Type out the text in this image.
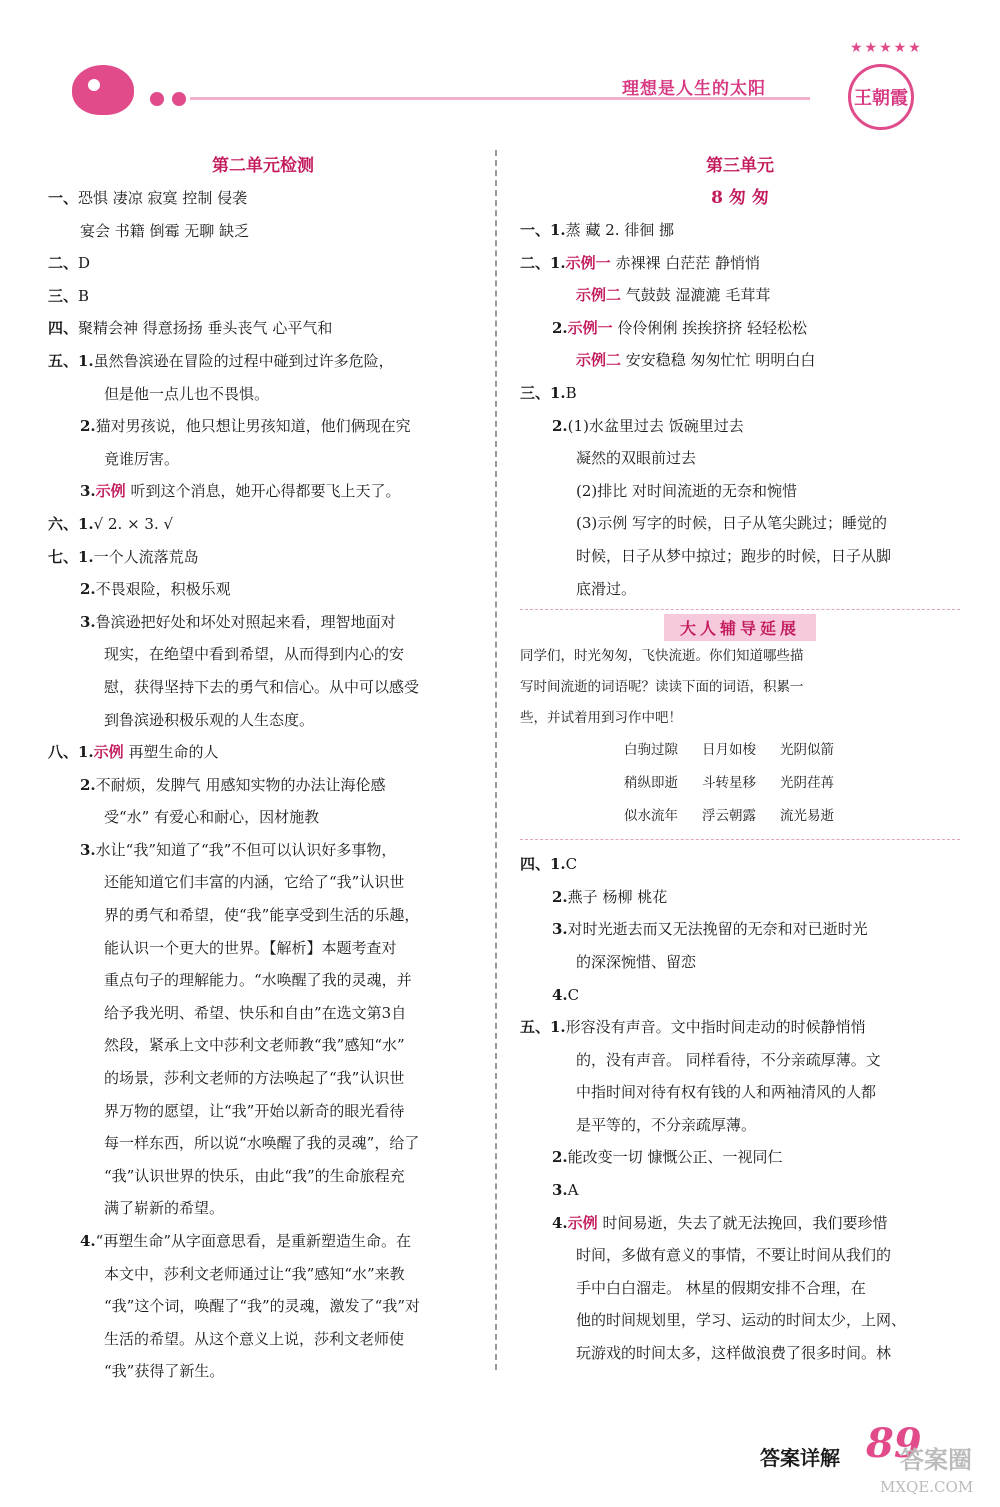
理想是人生的太阳
★★★★★
王朝霞
第二单元检测
一、恐惧 凄凉 寂寞 控制 侵袭
宴会 书籍 倒霉 无聊 缺乏
二、D
三、B
四、聚精会神 得意扬扬 垂头丧气 心平气和
五、1.虽然鲁滨逊在冒险的过程中碰到过许多危险，
但是他一点儿也不畏惧。
2.猫对男孩说，他只想让男孩知道，他们俩现在究
竟谁厉害。
3.示例 听到这个消息，她开心得都要飞上天了。
六、1.√ 2. × 3. √
七、1.一个人流落荒岛
2.不畏艰险，积极乐观
3.鲁滨逊把好处和坏处对照起来看，理智地面对
现实，在绝望中看到希望，从而得到内心的安
慰，获得坚持下去的勇气和信心。从中可以感受
到鲁滨逊积极乐观的人生态度。
八、1.示例 再塑生命的人
2.不耐烦，发脾气 用感知实物的办法让海伦感
受“水” 有爱心和耐心，因材施教
3.水让“我”知道了“我”不但可以认识好多事物，
还能知道它们丰富的内涵，它给了“我”认识世
界的勇气和希望，使“我”能享受到生活的乐趣，
能认识一个更大的世界。【解析】本题考查对
重点句子的理解能力。“水唤醒了我的灵魂，并
给予我光明、希望、快乐和自由”在选文第3自
然段，紧承上文中莎利文老师教“我”感知“水”
的场景，莎利文老师的方法唤起了“我”认识世
界万物的愿望，让“我”开始以新奇的眼光看待
每一样东西，所以说“水唤醒了我的灵魂”，给了
“我”认识世界的快乐，由此“我”的生命旅程充
满了崭新的希望。
4.“再塑生命”从字面意思看，是重新塑造生命。在
本文中，莎利文老师通过让“我”感知“水”来教
“我”这个词，唤醒了“我”的灵魂，激发了“我”对
生活的希望。从这个意义上说，莎利文老师使
“我”获得了新生。
第三单元
8 匆 匆
一、1.蒸 藏 2. 徘徊 挪
二、1.示例一 赤裸裸 白茫茫 静悄悄
示例二 气鼓鼓 湿漉漉 毛茸茸
2.示例一 伶伶俐俐 挨挨挤挤 轻轻松松
示例二 安安稳稳 匆匆忙忙 明明白白
三、1.B
2.(1)水盆里过去 饭碗里过去
凝然的双眼前过去
(2)排比 对时间流逝的无奈和惋惜
(3)示例 写字的时候，日子从笔尖跳过；睡觉的
时候，日子从梦中掠过；跑步的时候，日子从脚
底滑过。
大人辅导延展
同学们，时光匆匆，飞快流逝。你们知道哪些描
写时间流逝的词语呢？读读下面的词语，积累一
些，并试着用到习作中吧！
白驹过隙 日月如梭 光阴似箭
稍纵即逝 斗转星移 光阴荏苒
似水流年 浮云朝露 流光易逝
四、1.C
2.燕子 杨柳 桃花
3.对时光逝去而又无法挽留的无奈和对已逝时光
的深深惋惜、留恋
4.C
五、1.形容没有声音。文中指时间走动的时候静悄悄
的，没有声音。 同样看待，不分亲疏厚薄。文
中指时间对待有权有钱的人和两袖清风的人都
是平等的，不分亲疏厚薄。
2.能改变一切 慷慨公正、一视同仁
3.A
4.示例 时间易逝，失去了就无法挽回，我们要珍惜
时间，多做有意义的事情，不要让时间从我们的
手中白白溜走。 林星的假期安排不合理，在
他的时间规划里，学习、运动的时间太少，上网、
玩游戏的时间太多，这样做浪费了很多时间。林
答案详解 89
答案圈
MXQE.COM
